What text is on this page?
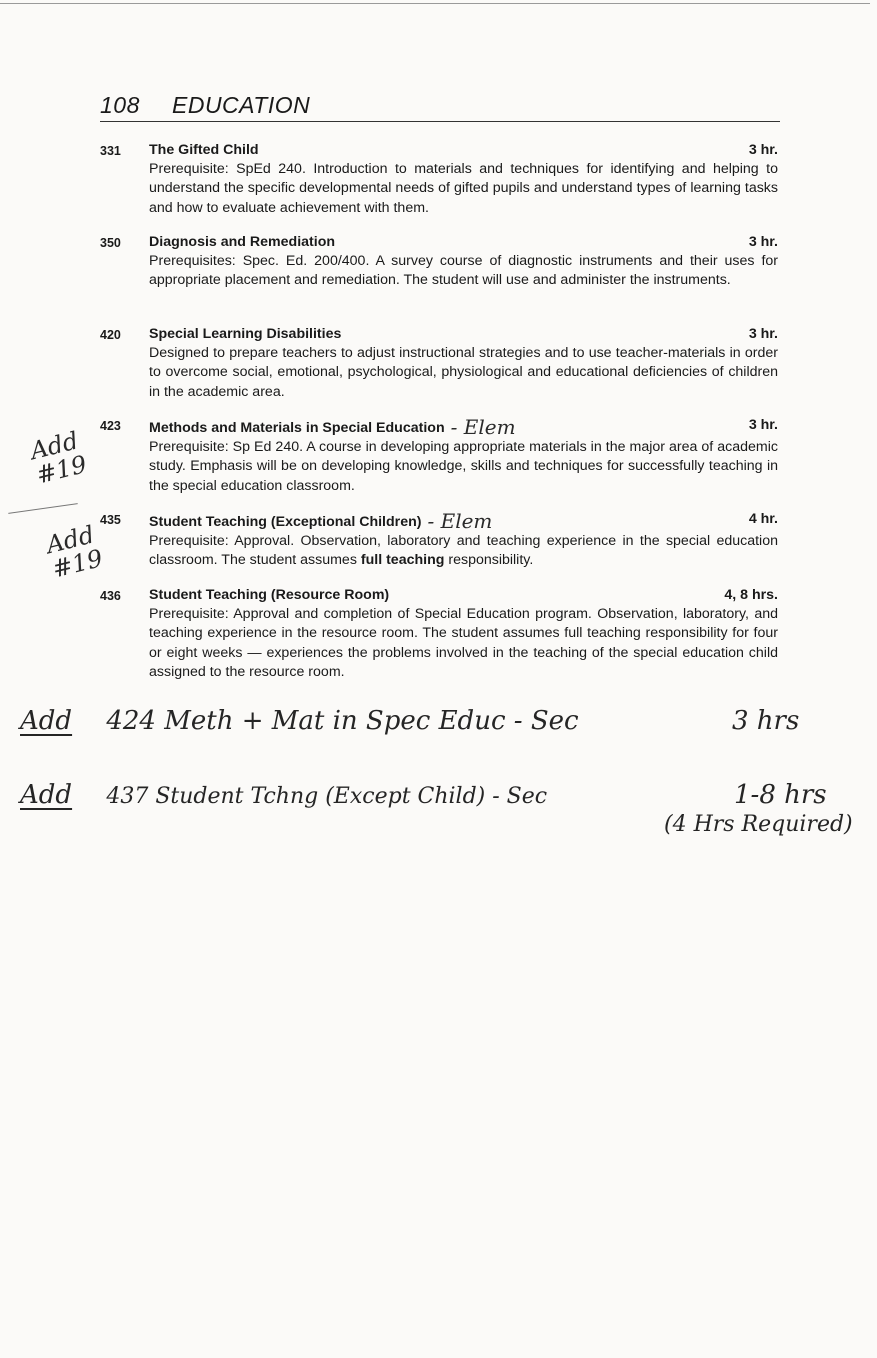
108 EDUCATION
331 The Gifted Child	3 hr.
Prerequisite: SpEd 240. Introduction to materials and techniques for identifying and helping to understand the specific developmental needs of gifted pupils and understand types of learning tasks and how to evaluate achievement with them.
350 Diagnosis and Remediation	3 hr.
Prerequisites: Spec. Ed. 200/400. A survey course of diagnostic instruments and their uses for appropriate placement and remediation. The student will use and administer the instruments.
420 Special Learning Disabilities	3 hr.
Designed to prepare teachers to adjust instructional strategies and to use teacher-materials in order to overcome social, emotional, psychological, physiological and educational deficiencies of children in the academic area.
423 Methods and Materials in Special Education - Elem	3 hr.
Prerequisite: Sp Ed 240. A course in developing appropriate materials in the major area of academic study. Emphasis will be on developing knowledge, skills and techniques for successfully teaching in the special education classroom.
435 Student Teaching (Exceptional Children) - Elem	4 hr.
Prerequisite: Approval. Observation, laboratory and teaching experience in the special education classroom. The student assumes full teaching responsibility.
436 Student Teaching (Resource Room)	4, 8 hrs.
Prerequisite: Approval and completion of Special Education program. Observation, laboratory, and teaching experience in the resource room. The student assumes full teaching responsibility for four or eight weeks — experiences the problems involved in the teaching of the special education child assigned to the resource room.
Add #19
Add #19
Add 424 Meth + Mat in Spec Educ - Sec	3 hrs
Add 437 Student Tchng (Except Child) - Sec	1-8 hrs
(4 Hrs Required)
